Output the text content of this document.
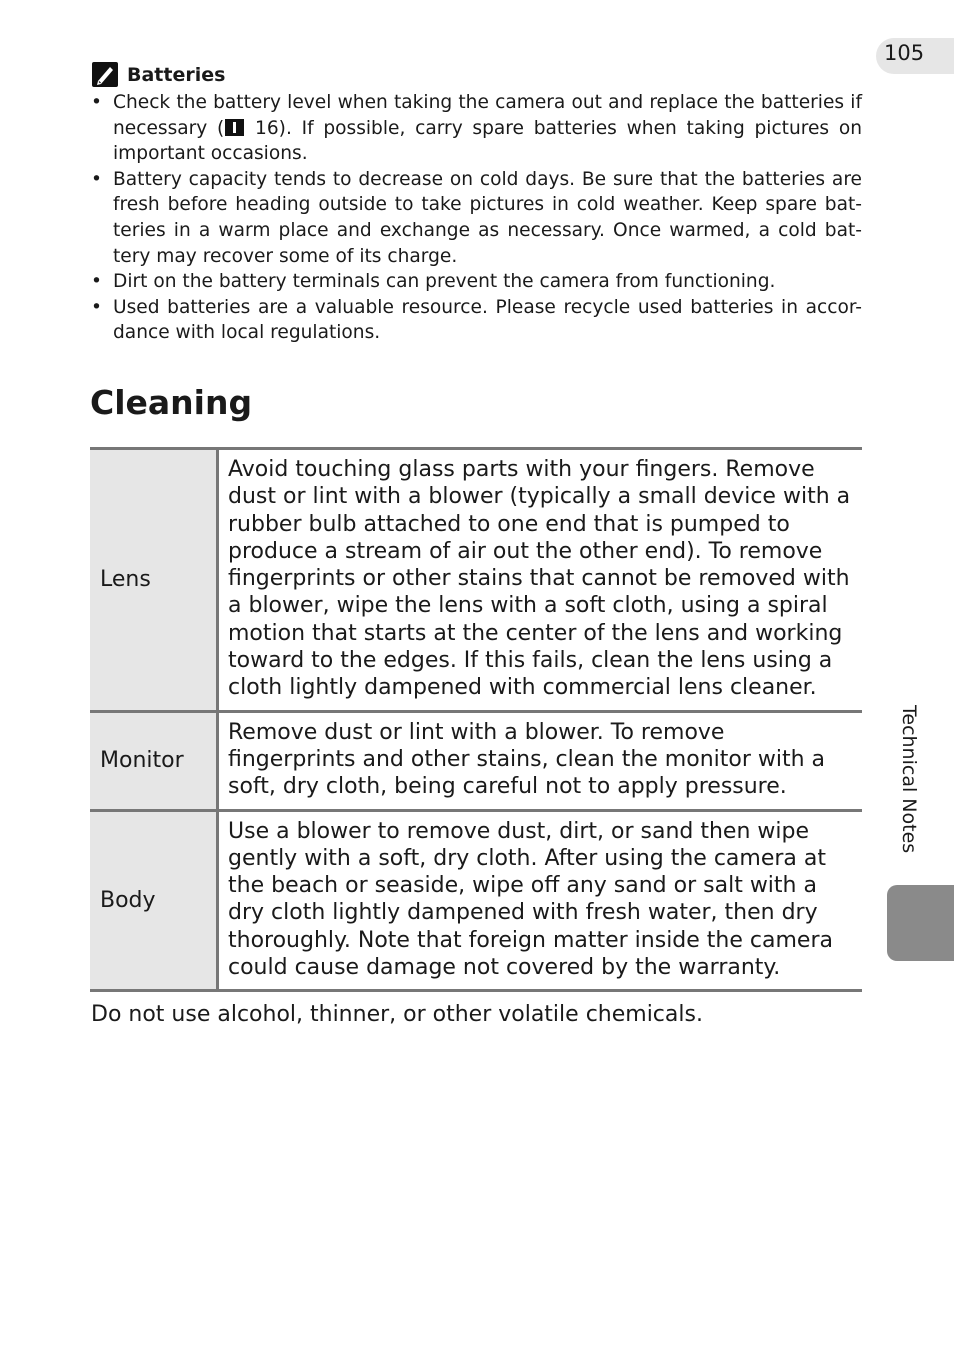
105
Batteries
• Check the battery level when taking the camera out and replace the batteries if necessary ( 16). If possible, carry spare batteries when taking pictures on important occasions.
• Battery capacity tends to decrease on cold days. Be sure that the batteries are fresh before heading outside to take pictures in cold weather. Keep spare bat-teries in a warm place and exchange as necessary. Once warmed, a cold bat-tery may recover some of its charge.
• Dirt on the battery terminals can prevent the camera from functioning.
• Used batteries are a valuable resource. Please recycle used batteries in accor-dance with local regulations.
Cleaning
Lens	Avoid touching glass parts with your fingers. Remove dust or lint with a blower (typically a small device with a rubber bulb attached to one end that is pumped to produce a stream of air out the other end). To remove fingerprints or other stains that cannot be removed with a blower, wipe the lens with a soft cloth, using a spiral motion that starts at the center of the lens and working toward to the edges. If this fails, clean the lens using a cloth lightly dampened with commercial lens cleaner.
Monitor	Remove dust or lint with a blower. To remove fingerprints and other stains, clean the monitor with a soft, dry cloth, being careful not to apply pressure.
Body	Use a blower to remove dust, dirt, or sand then wipe gently with a soft, dry cloth. After using the camera at the beach or seaside, wipe off any sand or salt with a dry cloth lightly dampened with fresh water, then dry thoroughly. Note that foreign matter inside the camera could cause damage not covered by the warranty.

Do not use alcohol, thinner, or other volatile chemicals.

Technical Notes
